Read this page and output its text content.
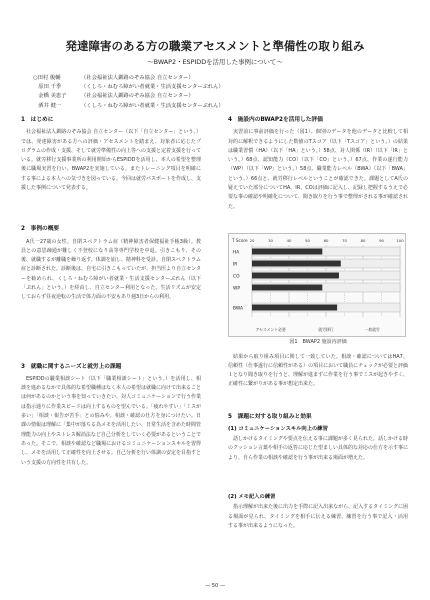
発達障害のある方の職業アセスメントと準備性の取り組み
～BWAP2・ESPIDDを活用した事例について～
○田村 俊輔	（社会福祉法人釧路のぞみ協会 自立センター）
　原田 千季	（くしろ・ねむろ障がい者就業・生活支援センターぷれん）
　金橋 美恵子	（社会福祉法人釧路のぞみ協会 自立センター）
　酒井 健一	（くしろ・ねむろ障がい者就業・生活支援センターぷれん）
1　はじめに

社会福祉法人釧路のぞみ協会 自立センター（以下「自立センター」という。）では、発達障害がある方への評価・アセスメントを踏まえ、対象者に応じたプログラムの作成・支援、そして就労準備性の向上等への支援と定着支援を行っている。就労移行支援事業所の利用開始からESPIDDを活用し、本人の希望を整理後に職場実習を行い、BWAP2を実施している。またトレーニング項目を明確にする事による本人への気づきを図っている。今回は就労パスポートを作成し、支援した事例について発表する。

2　事例の概要

A氏一27歳の女性。自閉スペクトラム症（精神障害者保健福祉手帳3級）。教員との意思疎通が難しく不登校になり高等専門学校を中退。引きこもり、その後、就職するが離職を繰り返す。体調を崩し、精神科を受診。自閉スペクトラム症と診断された。診断後は、自宅に引きこもっていたが、担当医より自立センターを勧められ、くしろ・ねむろ障がい者就業・生活支援センターぷれん（以下「ぷれん」という。）を経由し、自立センター利用となった。生活リズムが安定しておらず昼夜逆転の生活で体力面の不安もあり週3日からの利用。

3　就職に関するニーズと就労上の課題

ESPIDDの職業相談シート（以下「職業相談シート」という。）を活用し、相談を進めるなかで具体的な希望職種はなく本人の希望は就職に向けて出来ることは何があるのかという事を知っていきたい。対人コミュニケーションで行う作業は指示通りに作業スピードは向上するものを望んでいる。「疲れやすい」「ミスが多い」「相談・報告が苦手」との悩みや、相談・確認の仕方を身につけたい。日課の情報は理解に「集中が落ちる為メモを活用したい、日常生活を含めた時間管理能力の向上やストレス解消法など自己分析をしていく必要があるということであった。そこで、相談や確認など職場におけるコミュニケーションスキルを習得し、メモを活用して正確性を向上させる。自己分析を行い体調の安定を目指すという支援の方向性を共有した。

4　施設内のBWAP2を活用した評価

実習前に事前評価を行った（図1）。個別のデータを他のデータと比較して相対的に解釈できるようにした数値のTスコア（以下「Tスコア」という。）の結果は職業習慣（HA）（以下「HA」という。）58点、対人関係（IR）（以下「IR」という。）68点、認知能力（CO）（以下「CO」という。）67点、作業の遂行能力（WP）（以下「WP」という。）58点、職業能力レベル（BWA）（以下「BWA」という。）66点と、就労移行レベルということが確認できた。課題としてA氏の疑えていた部分についてHA、IR、COは評価に記入し、記録し把握するうえで必要な事の確認や明確化について、聞き取りを行う事で整理がされる事が確認された。

T Score 20	30	40	50	60	70	80	90	100
HA
IR
CO
WP
BWA
アセスメント必要	就労移行	一般就労
図1　BWAP2 施設内評価

結果から取り組み項目に関して一致していた。相談・確認についてはHA7、信頼性（仕事遂行に信頼性がある）の項目において職員にチェックが必要と評価１となり聞き取りを行うと、理解が進まずに作業を行う事でミスが起きやすく、正確性に繋がりがある事が想定出来た。

5　課題に対する取り組みと効果
(1) コミュニケーションスキル向上の練習

話しかけるタイミングや要点を伝える事に課題が多く見られた。話しかける時のクッション言葉や相手の返答に応じた望ましい具体的な対応の仕方を示す事により、自ら作業の相談や確認を行う事が出来る場面が増えた。

(2) メモ記入の練習

指示理解が出来た後に出力を手際に記入出来ながら、記入するタイミングに困る場面が見られ、タイミングを相手に伝える練習、練習を行う事で記入・活用する事が出来るようになった。

— 50 —
